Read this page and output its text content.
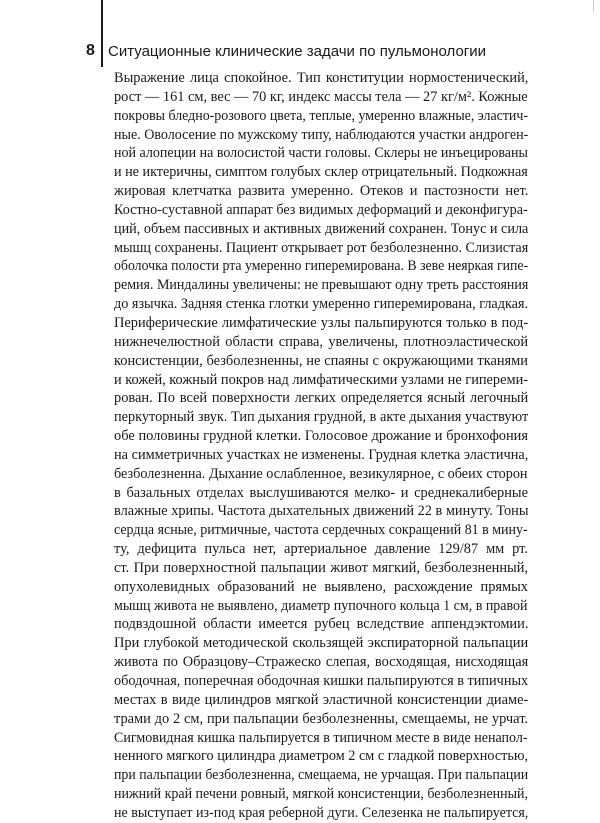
8 Ситуационные клинические задачи по пульмонологии
Выражение лица спокойное. Тип конституции нормостенический,
рост — 161 см, вес — 70 кг, индекс массы тела — 27 кг/м². Кожные
покровы бледно-розового цвета, теплые, умеренно влажные, эластич-
ные. Оволосение по мужскому типу, наблюдаются участки андроген-
ной алопеции на волосистой части головы. Склеры не инъецированы
и не иктеричны, симптом голубых склер отрицательный. Подкожная
жировая клетчатка развита умеренно. Отеков и пастозности нет.
Костно-суставной аппарат без видимых деформаций и деконфигура-
ций, объем пассивных и активных движений сохранен. Тонус и сила
мышц сохранены. Пациент открывает рот безболезненно. Слизистая
оболочка полости рта умеренно гиперемирована. В зеве неяркая гипе-
ремия. Миндалины увеличены: не превышают одну треть расстояния
до язычка. Задняя стенка глотки умеренно гиперемирована, гладкая.
Периферические лимфатические узлы пальпируются только в под-
нижнечелюстной области справа, увеличены, плотноэластической
консистенции, безболезненны, не спаяны с окружающими тканями
и кожей, кожный покров над лимфатическими узлами не гипереми-
рован. По всей поверхности легких определяется ясный легочный
перкуторный звук. Тип дыхания грудной, в акте дыхания участвуют
обе половины грудной клетки. Голосовое дрожание и бронхофония
на симметричных участках не изменены. Грудная клетка эластична,
безболезненна. Дыхание ослабленное, везикулярное, с обеих сторон
в базальных отделах выслушиваются мелко- и среднекалиберные
влажные хрипы. Частота дыхательных движений 22 в минуту. Тоны
сердца ясные, ритмичные, частота сердечных сокращений 81 в мину-
ту, дефицита пульса нет, артериальное давление 129/87 мм рт.
ст. При поверхностной пальпации живот мягкий, безболезненный,
опухолевидных образований не выявлено, расхождение прямых
мышц живота не выявлено, диаметр пупочного кольца 1 см, в правой
подвздошной области имеется рубец вследствие аппендэктомии.
При глубокой методической скользящей экспираторной пальпации
живота по Образцову–Стражеско слепая, восходящая, нисходящая
ободочная, поперечная ободочная кишки пальпируются в типичных
местах в виде цилиндров мягкой эластичной консистенции диаме-
трами до 2 см, при пальпации безболезненны, смещаемы, не урчат.
Сигмовидная кишка пальпируется в типичном месте в виде ненапол-
ненного мягкого цилиндра диаметром 2 см с гладкой поверхностью,
при пальпации безболезненна, смещаема, не урчащая. При пальпации
нижний край печени ровный, мягкой консистенции, безболезненный,
не выступает из-под края реберной дуги. Селезенка не пальпируется,
